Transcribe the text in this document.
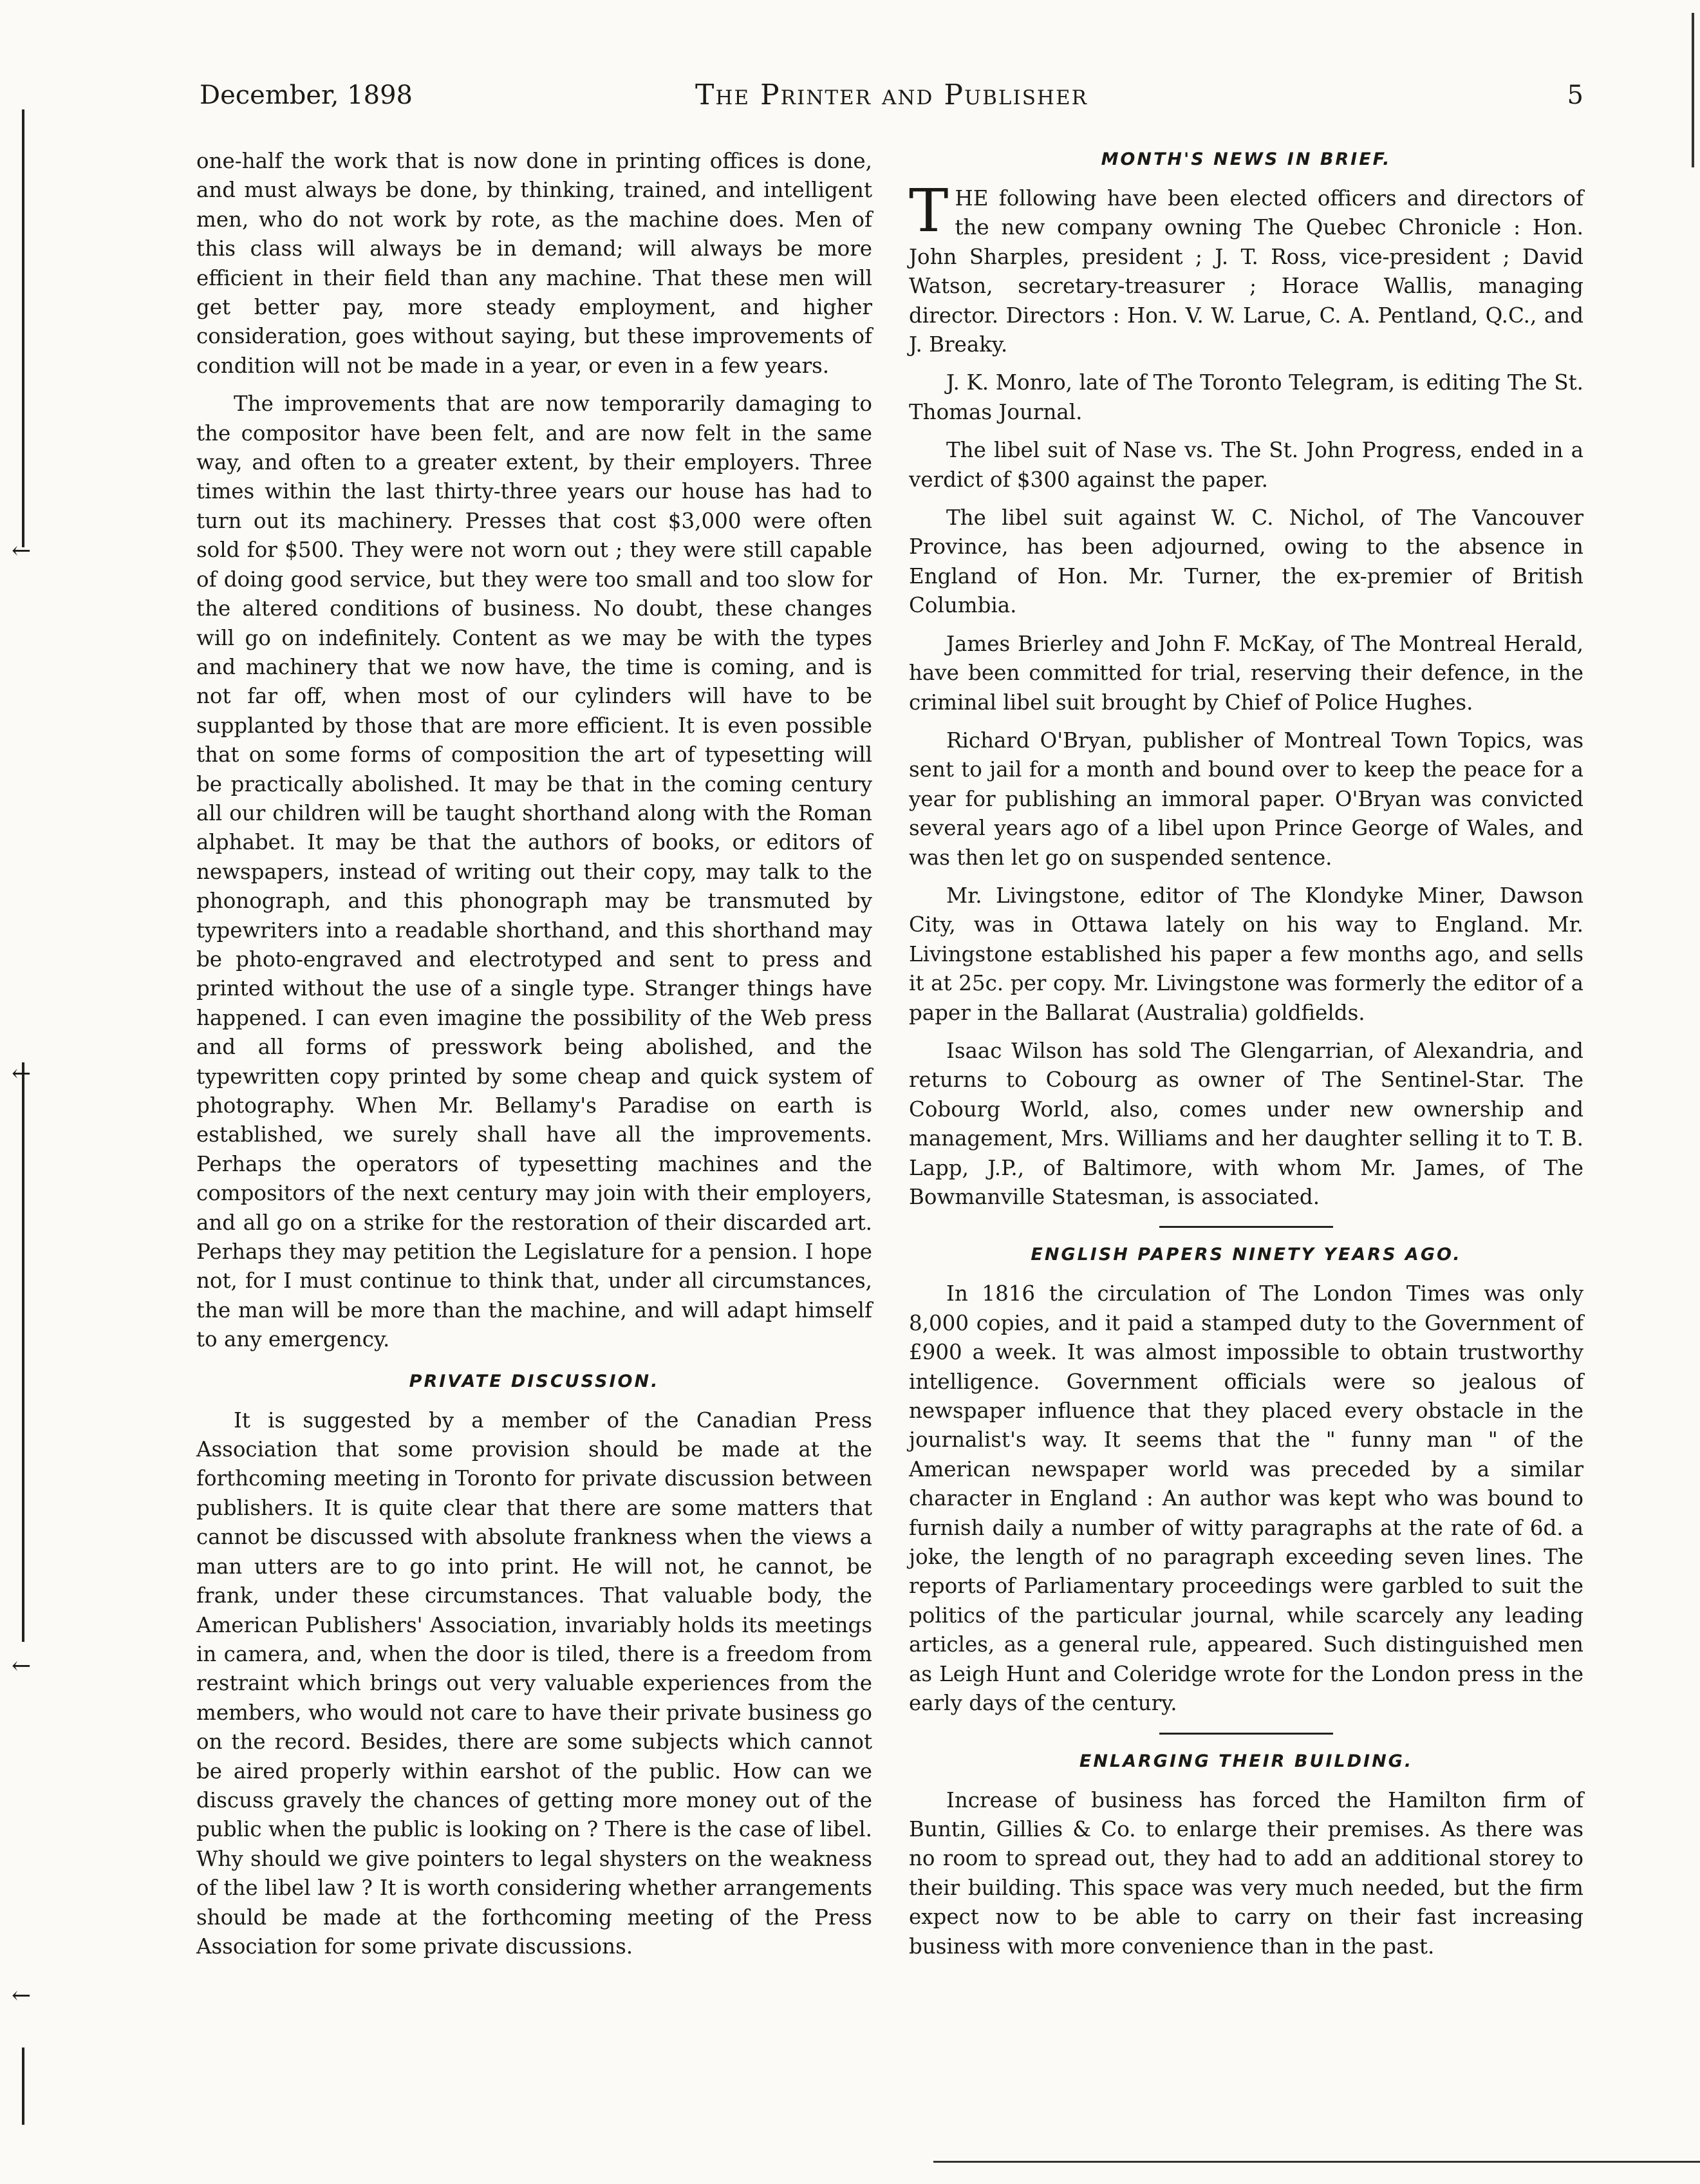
←
←
←
←
December, 1898	The Printer and Publisher	5

one-half the work that is now done in printing offices is done, and must always be done, by thinking, trained, and intelligent men, who do not work by rote, as the machine does. Men of this class will always be in demand; will always be more efficient in their field than any machine. That these men will get better pay, more steady employment, and higher consideration, goes without saying, but these improvements of condition will not be made in a year, or even in a few years.

The improvements that are now temporarily damaging to the compositor have been felt, and are now felt in the same way, and often to a greater extent, by their employers. Three times within the last thirty-three years our house has had to turn out its machinery. Presses that cost $3,000 were often sold for $500. They were not worn out ; they were still capable of doing good service, but they were too small and too slow for the altered conditions of business. No doubt, these changes will go on indefinitely. Content as we may be with the types and machinery that we now have, the time is coming, and is not far off, when most of our cylinders will have to be supplanted by those that are more efficient. It is even possible that on some forms of composition the art of typesetting will be practically abolished. It may be that in the coming century all our children will be taught shorthand along with the Roman alphabet. It may be that the authors of books, or editors of newspapers, instead of writing out their copy, may talk to the phonograph, and this phonograph may be transmuted by typewriters into a readable shorthand, and this shorthand may be photo-engraved and electrotyped and sent to press and printed without the use of a single type. Stranger things have happened. I can even imagine the possibility of the Web press and all forms of presswork being abolished, and the typewritten copy printed by some cheap and quick system of photography. When Mr. Bellamy's Paradise on earth is established, we surely shall have all the improvements. Perhaps the operators of typesetting machines and the compositors of the next century may join with their employers, and all go on a strike for the restoration of their discarded art. Perhaps they may petition the Legislature for a pension. I hope not, for I must continue to think that, under all circumstances, the man will be more than the machine, and will adapt himself to any emergency.

PRIVATE DISCUSSION.

It is suggested by a member of the Canadian Press Association that some provision should be made at the forthcoming meeting in Toronto for private discussion between publishers. It is quite clear that there are some matters that cannot be discussed with absolute frankness when the views a man utters are to go into print. He will not, he cannot, be frank, under these circumstances. That valuable body, the American Publishers' Association, invariably holds its meetings in camera, and, when the door is tiled, there is a freedom from restraint which brings out very valuable experiences from the members, who would not care to have their private business go on the record. Besides, there are some subjects which cannot be aired properly within earshot of the public. How can we discuss gravely the chances of getting more money out of the public when the public is looking on ? There is the case of libel. Why should we give pointers to legal shysters on the weakness of the libel law ? It is worth considering whether arrangements should be made at the forthcoming meeting of the Press Association for some private discussions.

MONTH'S NEWS IN BRIEF.

THE following have been elected officers and directors of the new company owning The Quebec Chronicle : Hon. John Sharples, president ; J. T. Ross, vice-president ; David Watson, secretary-treasurer ; Horace Wallis, managing director. Directors : Hon. V. W. Larue, C. A. Pentland, Q.C., and J. Breaky.

J. K. Monro, late of The Toronto Telegram, is editing The St. Thomas Journal.

The libel suit of Nase vs. The St. John Progress, ended in a verdict of $300 against the paper.

The libel suit against W. C. Nichol, of The Vancouver Province, has been adjourned, owing to the absence in England of Hon. Mr. Turner, the ex-premier of British Columbia.

James Brierley and John F. McKay, of The Montreal Herald, have been committed for trial, reserving their defence, in the criminal libel suit brought by Chief of Police Hughes.

Richard O'Bryan, publisher of Montreal Town Topics, was sent to jail for a month and bound over to keep the peace for a year for publishing an immoral paper. O'Bryan was convicted several years ago of a libel upon Prince George of Wales, and was then let go on suspended sentence.

Mr. Livingstone, editor of The Klondyke Miner, Dawson City, was in Ottawa lately on his way to England. Mr. Livingstone established his paper a few months ago, and sells it at 25c. per copy. Mr. Livingstone was formerly the editor of a paper in the Ballarat (Australia) goldfields.

Isaac Wilson has sold The Glengarrian, of Alexandria, and returns to Cobourg as owner of The Sentinel-Star. The Cobourg World, also, comes under new ownership and management, Mrs. Williams and her daughter selling it to T. B. Lapp, J.P., of Baltimore, with whom Mr. James, of The Bowmanville Statesman, is associated.

ENGLISH PAPERS NINETY YEARS AGO.

In 1816 the circulation of The London Times was only 8,000 copies, and it paid a stamped duty to the Government of £900 a week. It was almost impossible to obtain trustworthy intelligence. Government officials were so jealous of newspaper influence that they placed every obstacle in the journalist's way. It seems that the " funny man " of the American newspaper world was preceded by a similar character in England : An author was kept who was bound to furnish daily a number of witty paragraphs at the rate of 6d. a joke, the length of no paragraph exceeding seven lines. The reports of Parliamentary proceedings were garbled to suit the politics of the particular journal, while scarcely any leading articles, as a general rule, appeared. Such distinguished men as Leigh Hunt and Coleridge wrote for the London press in the early days of the century.

ENLARGING THEIR BUILDING.

Increase of business has forced the Hamilton firm of Buntin, Gillies & Co. to enlarge their premises. As there was no room to spread out, they had to add an additional storey to their building. This space was very much needed, but the firm expect now to be able to carry on their fast increasing business with more convenience than in the past.
